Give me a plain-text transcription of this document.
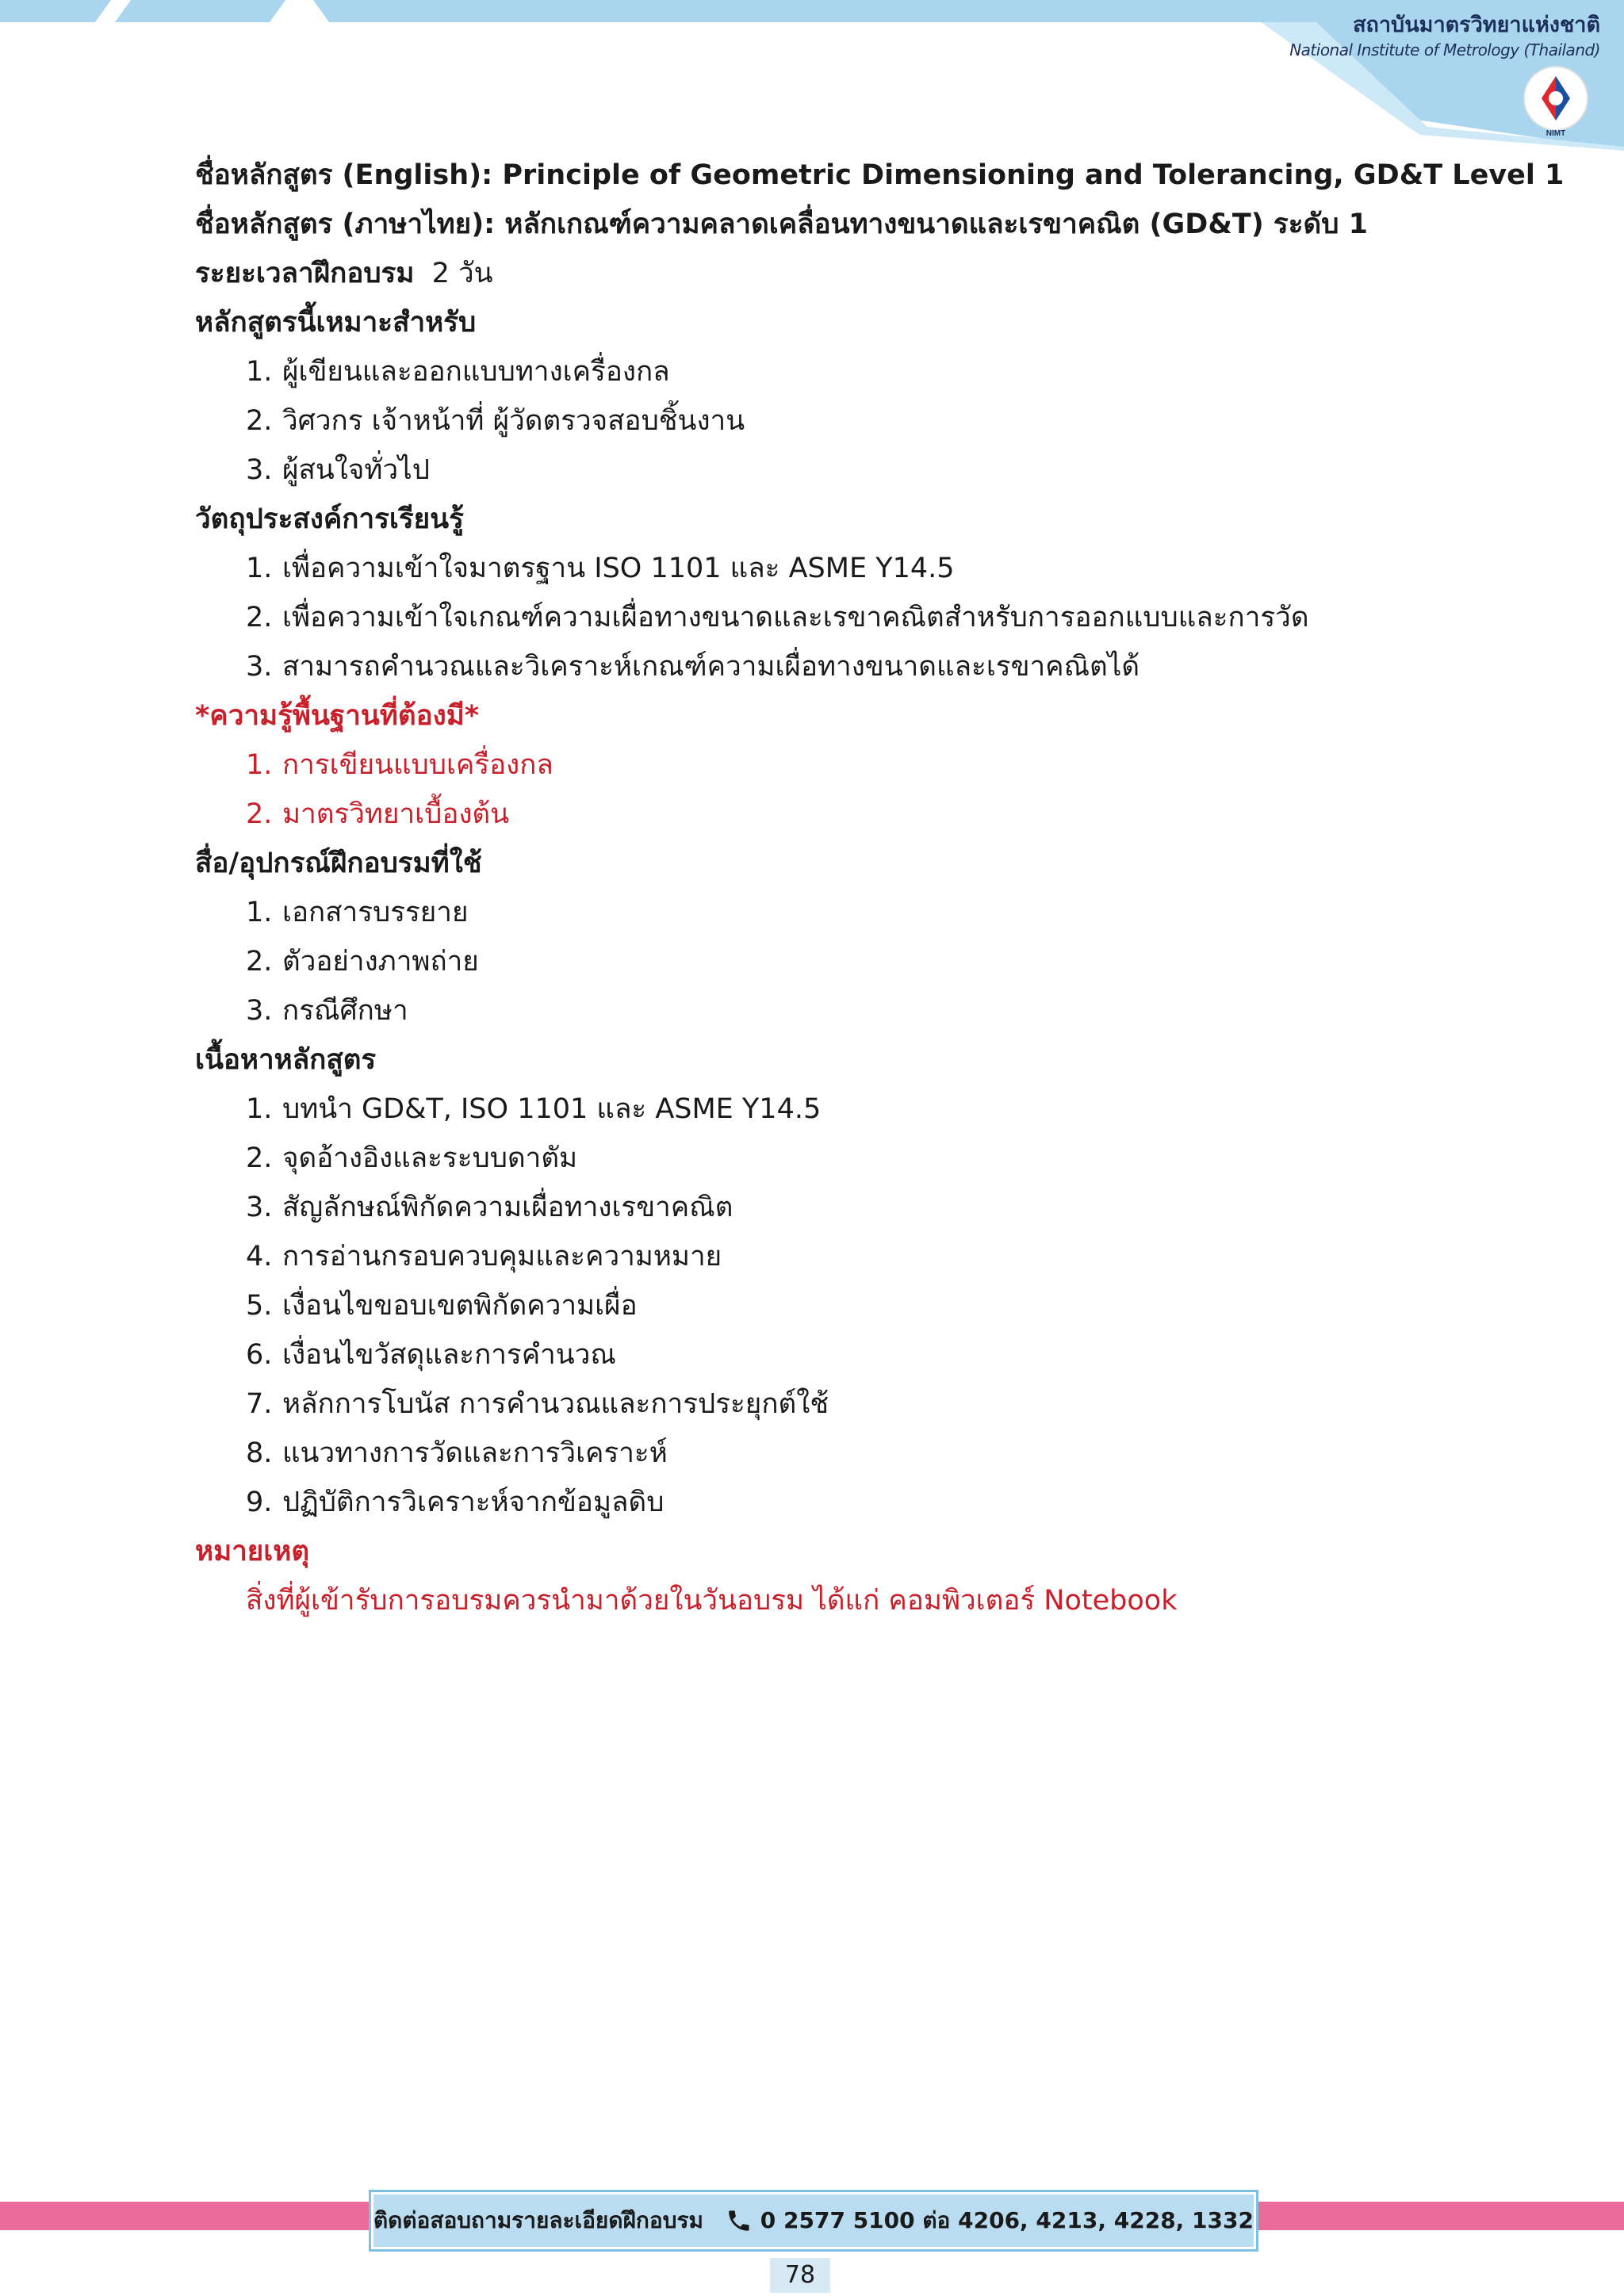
สถาบันมาตรวิทยาแห่งชาติ
National Institute of Metrology (Thailand)
NIMT
ชื่อหลักสูตร (English): Principle of Geometric Dimensioning and Tolerancing, GD&T Level 1
ชื่อหลักสูตร (ภาษาไทย): หลักเกณฑ์ความคลาดเคลื่อนทางขนาดและเรขาคณิต (GD&T) ระดับ 1
ระยะเวลาฝึกอบรม 2 วัน
หลักสูตรนี้เหมาะสำหรับ
1. ผู้เขียนและออกแบบทางเครื่องกล
2. วิศวกร เจ้าหน้าที่ ผู้วัดตรวจสอบชิ้นงาน
3. ผู้สนใจทั่วไป
วัตถุประสงค์การเรียนรู้
1. เพื่อความเข้าใจมาตรฐาน ISO 1101 และ ASME Y14.5
2. เพื่อความเข้าใจเกณฑ์ความเผื่อทางขนาดและเรขาคณิตสำหรับการออกแบบและการวัด
3. สามารถคำนวณและวิเคราะห์เกณฑ์ความเผื่อทางขนาดและเรขาคณิตได้
*ความรู้พื้นฐานที่ต้องมี*
1. การเขียนแบบเครื่องกล
2. มาตรวิทยาเบื้องต้น
สื่อ/อุปกรณ์ฝึกอบรมที่ใช้
1. เอกสารบรรยาย
2. ตัวอย่างภาพถ่าย
3. กรณีศึกษา
เนื้อหาหลักสูตร
1. บทนำ GD&T, ISO 1101 และ ASME Y14.5
2. จุดอ้างอิงและระบบดาตัม
3. สัญลักษณ์พิกัดความเผื่อทางเรขาคณิต
4. การอ่านกรอบควบคุมและความหมาย
5. เงื่อนไขขอบเขตพิกัดความเผื่อ
6. เงื่อนไขวัสดุและการคำนวณ
7. หลักการโบนัส การคำนวณและการประยุกต์ใช้
8. แนวทางการวัดและการวิเคราะห์
9. ปฏิบัติการวิเคราะห์จากข้อมูลดิบ
หมายเหตุ
สิ่งที่ผู้เข้ารับการอบรมควรนำมาด้วยในวันอบรม ได้แก่ คอมพิวเตอร์ Notebook
ติดต่อสอบถามรายละเอียดฝึกอบรม	0 2577 5100 ต่อ 4206, 4213, 4228, 1332
78
